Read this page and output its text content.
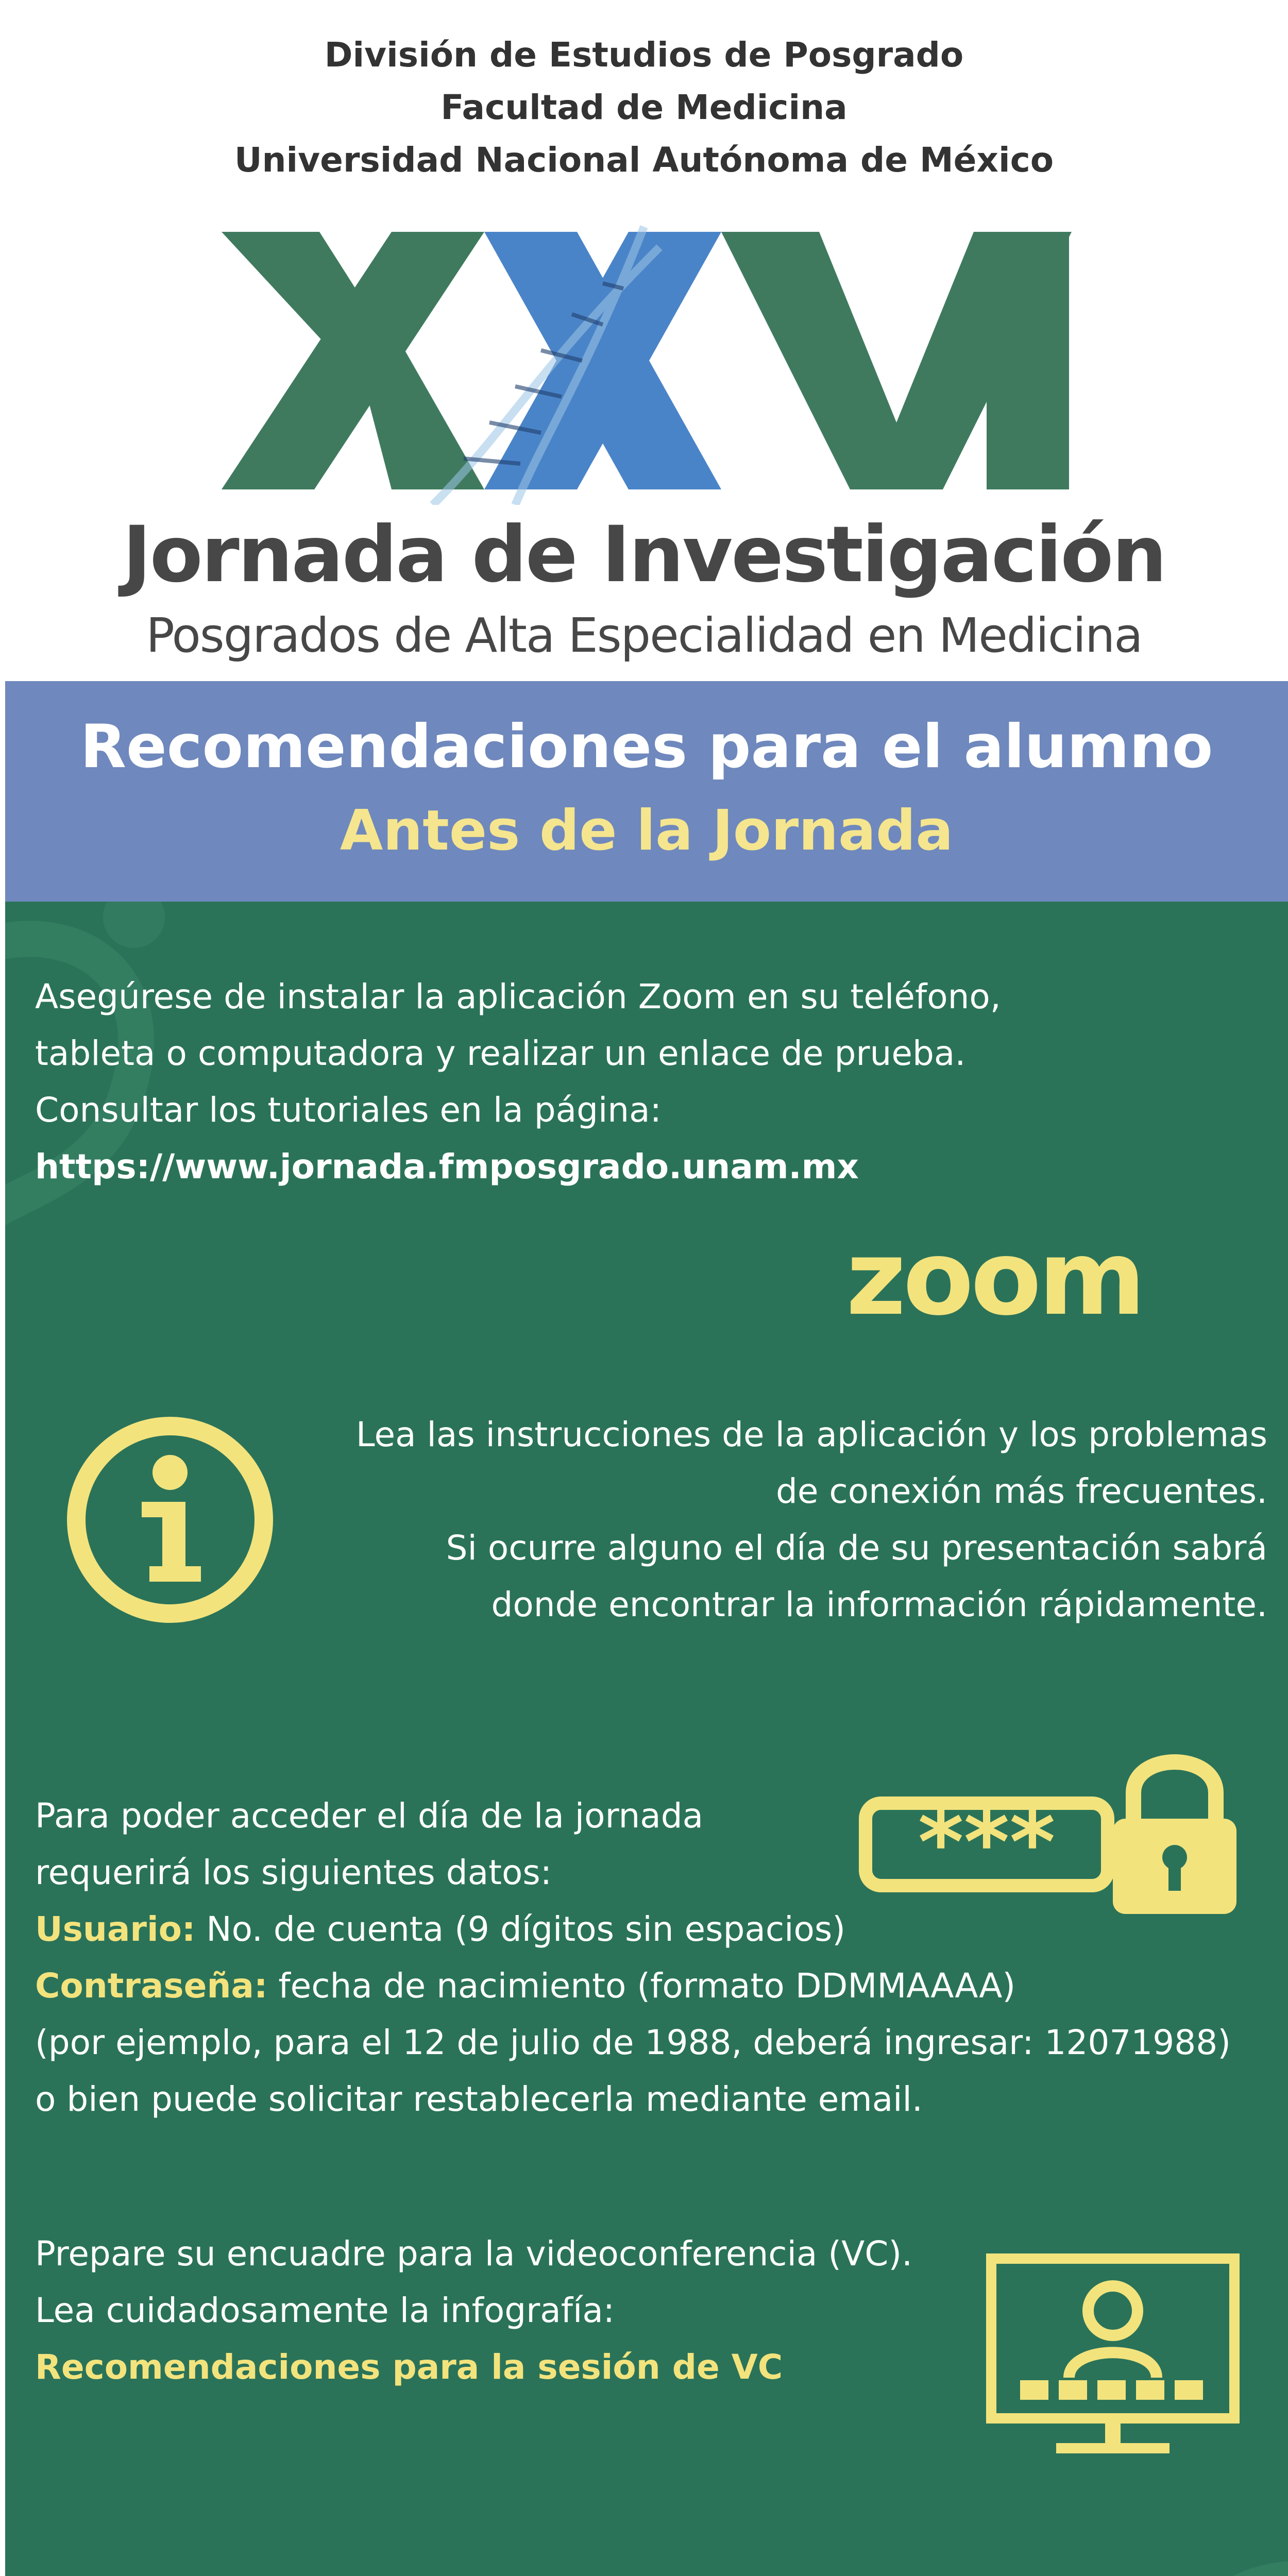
División de Estudios de Posgrado
Facultad de Medicina
Universidad Nacional Autónoma de México
Jornada de Investigación
Posgrados de Alta Especialidad en Medicina
Recomendaciones para el alumno
Antes de la Jornada

Asegúrese de instalar la aplicación Zoom en su teléfono,

tableta o computadora y realizar un enlace de prueba.

Consultar los tutoriales en la página:

https://www.jornada.fmposgrado.unam.mx

zoom

Lea las instrucciones de la aplicación y los problemas

de conexión más frecuentes.

Si ocurre alguno el día de su presentación sabrá

donde encontrar la información rápidamente.

Para poder acceder el día de la jornada

requerirá los siguientes datos:

Usuario: No. de cuenta (9 dígitos sin espacios)

Contraseña: fecha de nacimiento (formato DDMMAAAA)

(por ejemplo, para el 12 de julio de 1988, deberá ingresar: 12071988)

o bien puede solicitar restablecerla mediante email.

***

Prepare su encuadre para la videoconferencia (VC).

Lea cuidadosamente la infografía:

Recomendaciones para la sesión de VC
